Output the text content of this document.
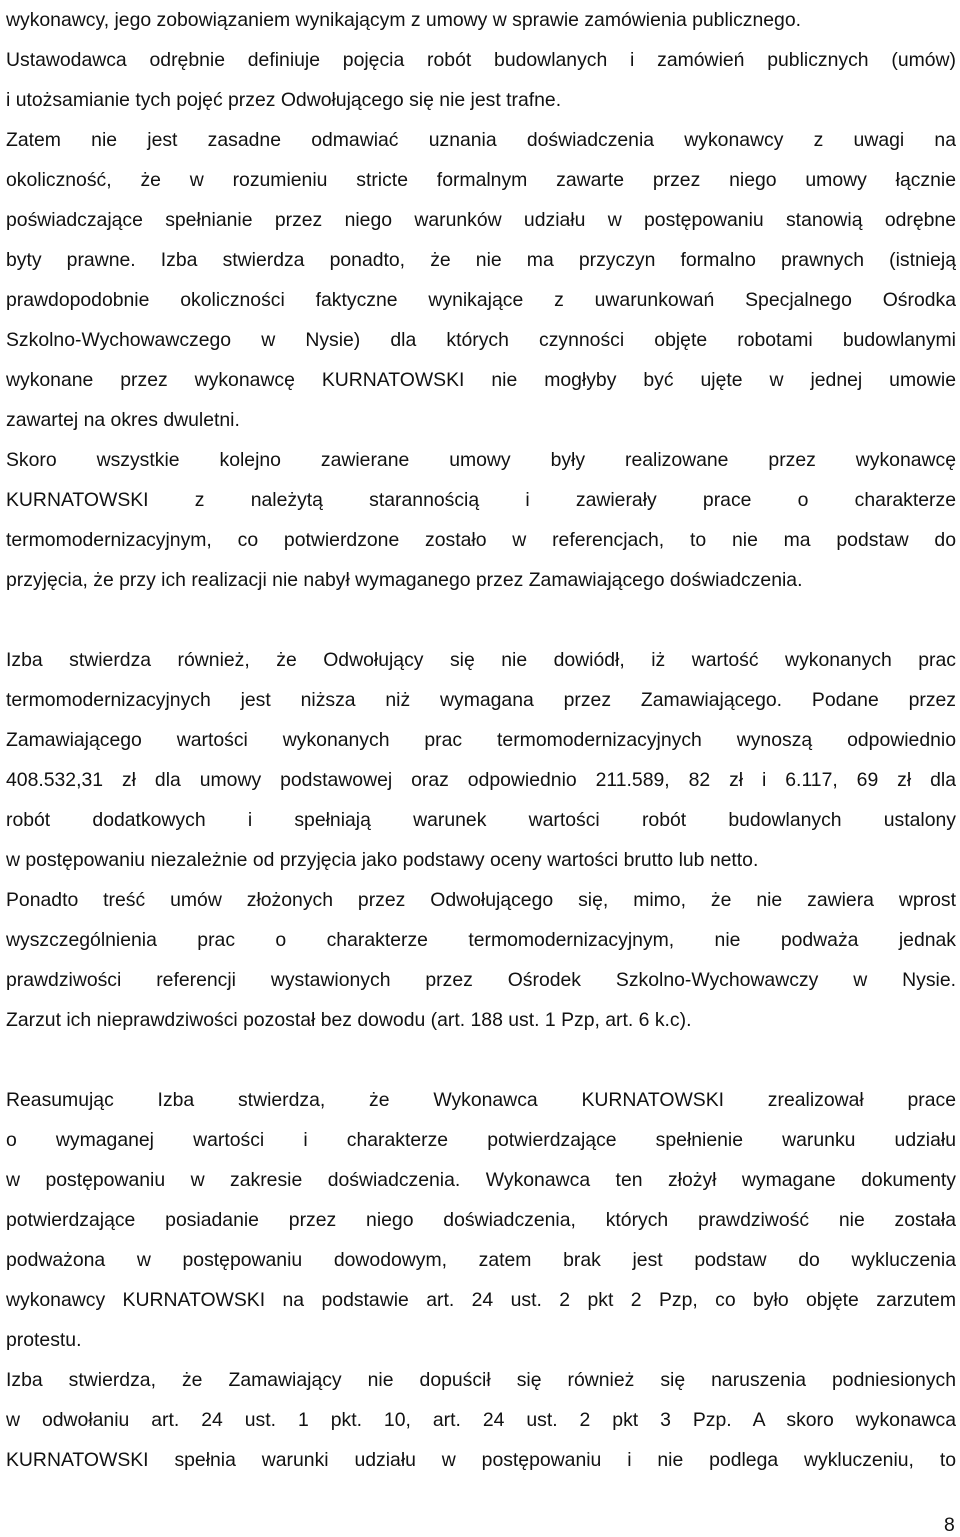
wykonawcy, jego zobowiązaniem wynikającym z umowy w sprawie zamówienia publicznego.
Ustawodawca odrębnie definiuje pojęcia robót budowlanych i zamówień publicznych (umów)
i utożsamianie tych pojęć przez Odwołującego się nie jest trafne.
Zatem nie jest zasadne odmawiać uznania doświadczenia wykonawcy z uwagi na
okoliczność, że w rozumieniu stricte formalnym zawarte przez niego umowy łącznie
poświadczające spełnianie przez niego warunków udziału w postępowaniu stanowią odrębne
byty prawne. Izba stwierdza ponadto, że nie ma przyczyn formalno prawnych (istnieją
prawdopodobnie okoliczności faktyczne wynikające z uwarunkowań Specjalnego Ośrodka
Szkolno-Wychowawczego w Nysie) dla których czynności objęte robotami budowlanymi
wykonane przez wykonawcę KURNATOWSKI nie mogłyby być ujęte w jednej umowie
zawartej na okres dwuletni.
Skoro wszystkie kolejno zawierane umowy były realizowane przez wykonawcę
KURNATOWSKI z należytą starannością i zawierały prace o charakterze
termomodernizacyjnym, co potwierdzone zostało w referencjach, to nie ma podstaw do
przyjęcia, że przy ich realizacji nie nabył wymaganego przez Zamawiającego doświadczenia.
Izba stwierdza również, że Odwołujący się nie dowiódł, iż wartość wykonanych prac
termomodernizacyjnych jest niższa niż wymagana przez Zamawiającego. Podane przez
Zamawiającego wartości wykonanych prac termomodernizacyjnych wynoszą odpowiednio
408.532,31 zł dla umowy podstawowej oraz odpowiednio 211.589, 82 zł i 6.117, 69 zł dla
robót dodatkowych i spełniają warunek wartości robót budowlanych ustalony
w postępowaniu niezależnie od przyjęcia jako podstawy oceny wartości brutto lub netto.
Ponadto treść umów złożonych przez Odwołującego się, mimo, że nie zawiera wprost
wyszczególnienia prac o charakterze termomodernizacyjnym, nie podważa jednak
prawdziwości referencji wystawionych przez Ośrodek Szkolno-Wychowawczy w Nysie.
Zarzut ich nieprawdziwości pozostał bez dowodu (art. 188 ust. 1 Pzp, art. 6 k.c).
Reasumując Izba stwierdza, że Wykonawca KURNATOWSKI zrealizował prace
o wymaganej wartości i charakterze potwierdzające spełnienie warunku udziału
w postępowaniu w zakresie doświadczenia. Wykonawca ten złożył wymagane dokumenty
potwierdzające posiadanie przez niego doświadczenia, których prawdziwość nie została
podważona w postępowaniu dowodowym, zatem brak jest podstaw do wykluczenia
wykonawcy KURNATOWSKI na podstawie art. 24 ust. 2 pkt 2 Pzp, co było objęte zarzutem
protestu.
Izba stwierdza, że Zamawiający nie dopuścił się również się naruszenia podniesionych
w odwołaniu art. 24 ust. 1 pkt. 10, art. 24 ust. 2 pkt 3 Pzp. A skoro wykonawca
KURNATOWSKI spełnia warunki udziału w postępowaniu i nie podlega wykluczeniu, to
8
